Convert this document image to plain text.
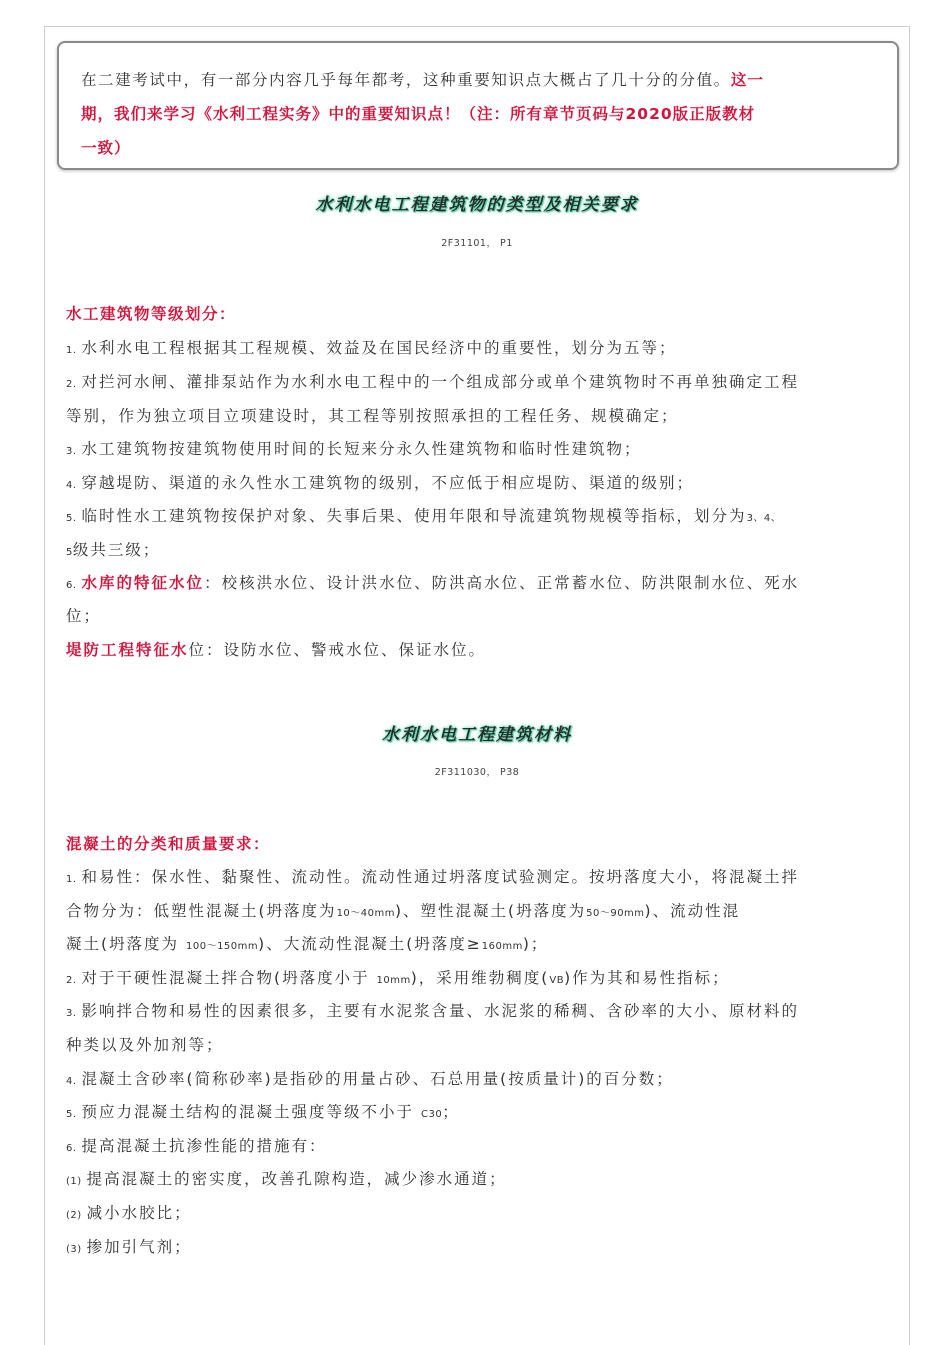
在二建考试中，有一部分内容几乎每年都考，这种重要知识点大概占了几十分的分值。这一
期，我们来学习《水利工程实务》中的重要知识点！（注：所有章节页码与2020版正版教材
一致）
水利水电工程建筑物的类型及相关要求
2F31101， P1
水工建筑物等级划分：
1. 水利水电工程根据其工程规模、效益及在国民经济中的重要性，划分为五等；
2. 对拦河水闸、灌排泵站作为水利水电工程中的一个组成部分或单个建筑物时不再单独确定工程
等别，作为独立项目立项建设时，其工程等别按照承担的工程任务、规模确定；
3. 水工建筑物按建筑物使用时间的长短来分永久性建筑物和临时性建筑物；
4. 穿越堤防、渠道的永久性水工建筑物的级别，不应低于相应堤防、渠道的级别；
5. 临时性水工建筑物按保护对象、失事后果、使用年限和导流建筑物规模等指标，划分为3、4、
5级共三级；
6. 水库的特征水位：校核洪水位、设计洪水位、防洪高水位、正常蓄水位、防洪限制水位、死水
位；
堤防工程特征水位：设防水位、警戒水位、保证水位。
水利水电工程建筑材料
2F311030， P38
混凝土的分类和质量要求：
1. 和易性：保水性、黏聚性、流动性。流动性通过坍落度试验测定。按坍落度大小，将混凝土拌
合物分为：低塑性混凝土(坍落度为10～40mm)、塑性混凝土(坍落度为50～90mm)、流动性混
凝土(坍落度为 100～150mm)、大流动性混凝土(坍落度≥160mm)；
2. 对于干硬性混凝土拌合物(坍落度小于 10mm)，采用维勃稠度(VB)作为其和易性指标；
3. 影响拌合物和易性的因素很多，主要有水泥浆含量、水泥浆的稀稠、含砂率的大小、原材料的
种类以及外加剂等；
4. 混凝土含砂率(简称砂率)是指砂的用量占砂、石总用量(按质量计)的百分数；
5. 预应力混凝土结构的混凝土强度等级不小于 C30；
6. 提高混凝土抗渗性能的措施有：
(1) 提高混凝土的密实度，改善孔隙构造，减少渗水通道；
(2) 减小水胶比；
(3) 掺加引气剂；
